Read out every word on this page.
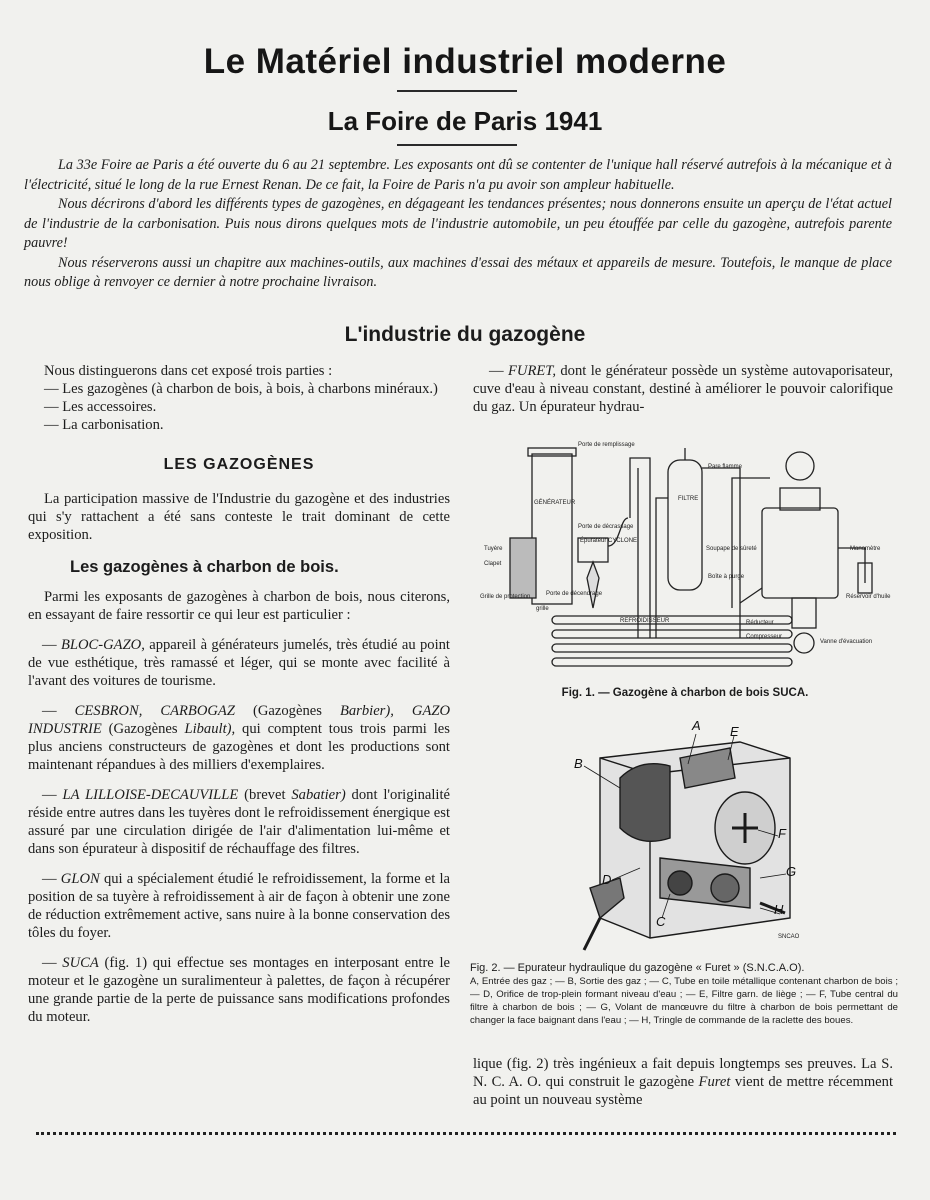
Le Matériel industriel moderne
La Foire de Paris 1941

La 33e Foire ae Paris a été ouverte du 6 au 21 septembre. Les exposants ont dû se contenter de l'unique hall réservé autrefois à la mécanique et à l'électricité, situé le long de la rue Ernest Renan. De ce fait, la Foire de Paris n'a pu avoir son ampleur habituelle.

Nous décrirons d'abord les différents types de gazogènes, en dégageant les tendances présentes; nous donnerons ensuite un aperçu de l'état actuel de l'industrie de la carbonisation. Puis nous dirons quelques mots de l'industrie automobile, un peu étouffée par celle du gazogène, autrefois parente pauvre!

Nous réserverons aussi un chapitre aux machines-outils, aux machines d'essai des métaux et appareils de mesure. Toutefois, le manque de place nous oblige à renvoyer ce dernier à notre prochaine livraison.

L'industrie du gazogène

Nous distinguerons dans cet exposé trois parties :

— Les gazogènes (à charbon de bois, à bois, à charbons minéraux.)

— Les accessoires.

— La carbonisation.

LES GAZOGÈNES

La participation massive de l'Industrie du gazogène et des industries qui s'y rattachent a été sans conteste le trait dominant de cette exposition.

Les gazogènes à charbon de bois.

Parmi les exposants de gazogènes à charbon de bois, nous citerons, en essayant de faire ressortir ce qui leur est particulier :

— BLOC-GAZO, appareil à générateurs jumelés, très étudié au point de vue esthétique, très ramassé et léger, qui se monte avec facilité à l'avant des voitures de tourisme.

— CESBRON, CARBOGAZ (Gazogènes Barbier), GAZO INDUSTRIE (Gazogènes Libault), qui comptent tous trois parmi les plus anciens constructeurs de gazogènes et dont les productions sont maintenant répandues à des milliers d'exemplaires.

— LA LILLOISE-DECAUVILLE (brevet Sabatier) dont l'originalité réside entre autres dans les tuyères dont le refroidissement énergique est assuré par une circulation dirigée de l'air d'alimentation lui-même et dans son épurateur à dispositif de réchauffage des filtres.

— GLON qui a spécialement étudié le refroidissement, la forme et la position de sa tuyère à refroidissement à air de façon à obtenir une zone de réduction extrêmement active, sans nuire à la bonne conservation des tôles du foyer.

— SUCA (fig. 1) qui effectue ses montages en interposant entre le moteur et le gazogène un suralimenteur à palettes, de façon à récupérer une grande partie de la perte de puissance sans modifications profondes du moteur.

— FURET, dont le générateur possède un système autovaporisateur, cuve d'eau à niveau constant, destiné à améliorer le pouvoir calorifique du gaz. Un épurateur hydrau-

Porte de remplissage
GÉNÉRATEUR
Porte de décrassage
Épurateur CYCLONE
Tuyère
Clapet
Grille de protection
grille
Porte de décendrage
FILTRE
Pare flamme
Soupape de sûreté
Boîte à purge
REFROIDISSEUR	Réducteur
Compresseur
Manomètre
Réservoir d'huile
Vanne d'évacuation
Fig. 1. — Gazogène à charbon de bois SUCA.
A E
B
F
G
D
C
H
SNCAO
Fig. 2. — Epurateur hydraulique du gazogène « Furet » (S.N.C.A.O).
A, Entrée des gaz ; — B, Sortie des gaz ; — C, Tube en toile métallique contenant charbon de bois ; — D, Orifice de trop-plein formant niveau d'eau ; — E, Filtre garn. de liège ; — F, Tube central du filtre à charbon de bois ; — G, Volant de manœuvre du filtre à charbon de bois permettant de changer la face baignant dans l'eau ; — H, Tringle de commande de la raclette des boues.

lique (fig. 2) très ingénieux a fait depuis longtemps ses preuves. La S. N. C. A. O. qui construit le gazogène Furet vient de mettre récemment au point un nouveau système
